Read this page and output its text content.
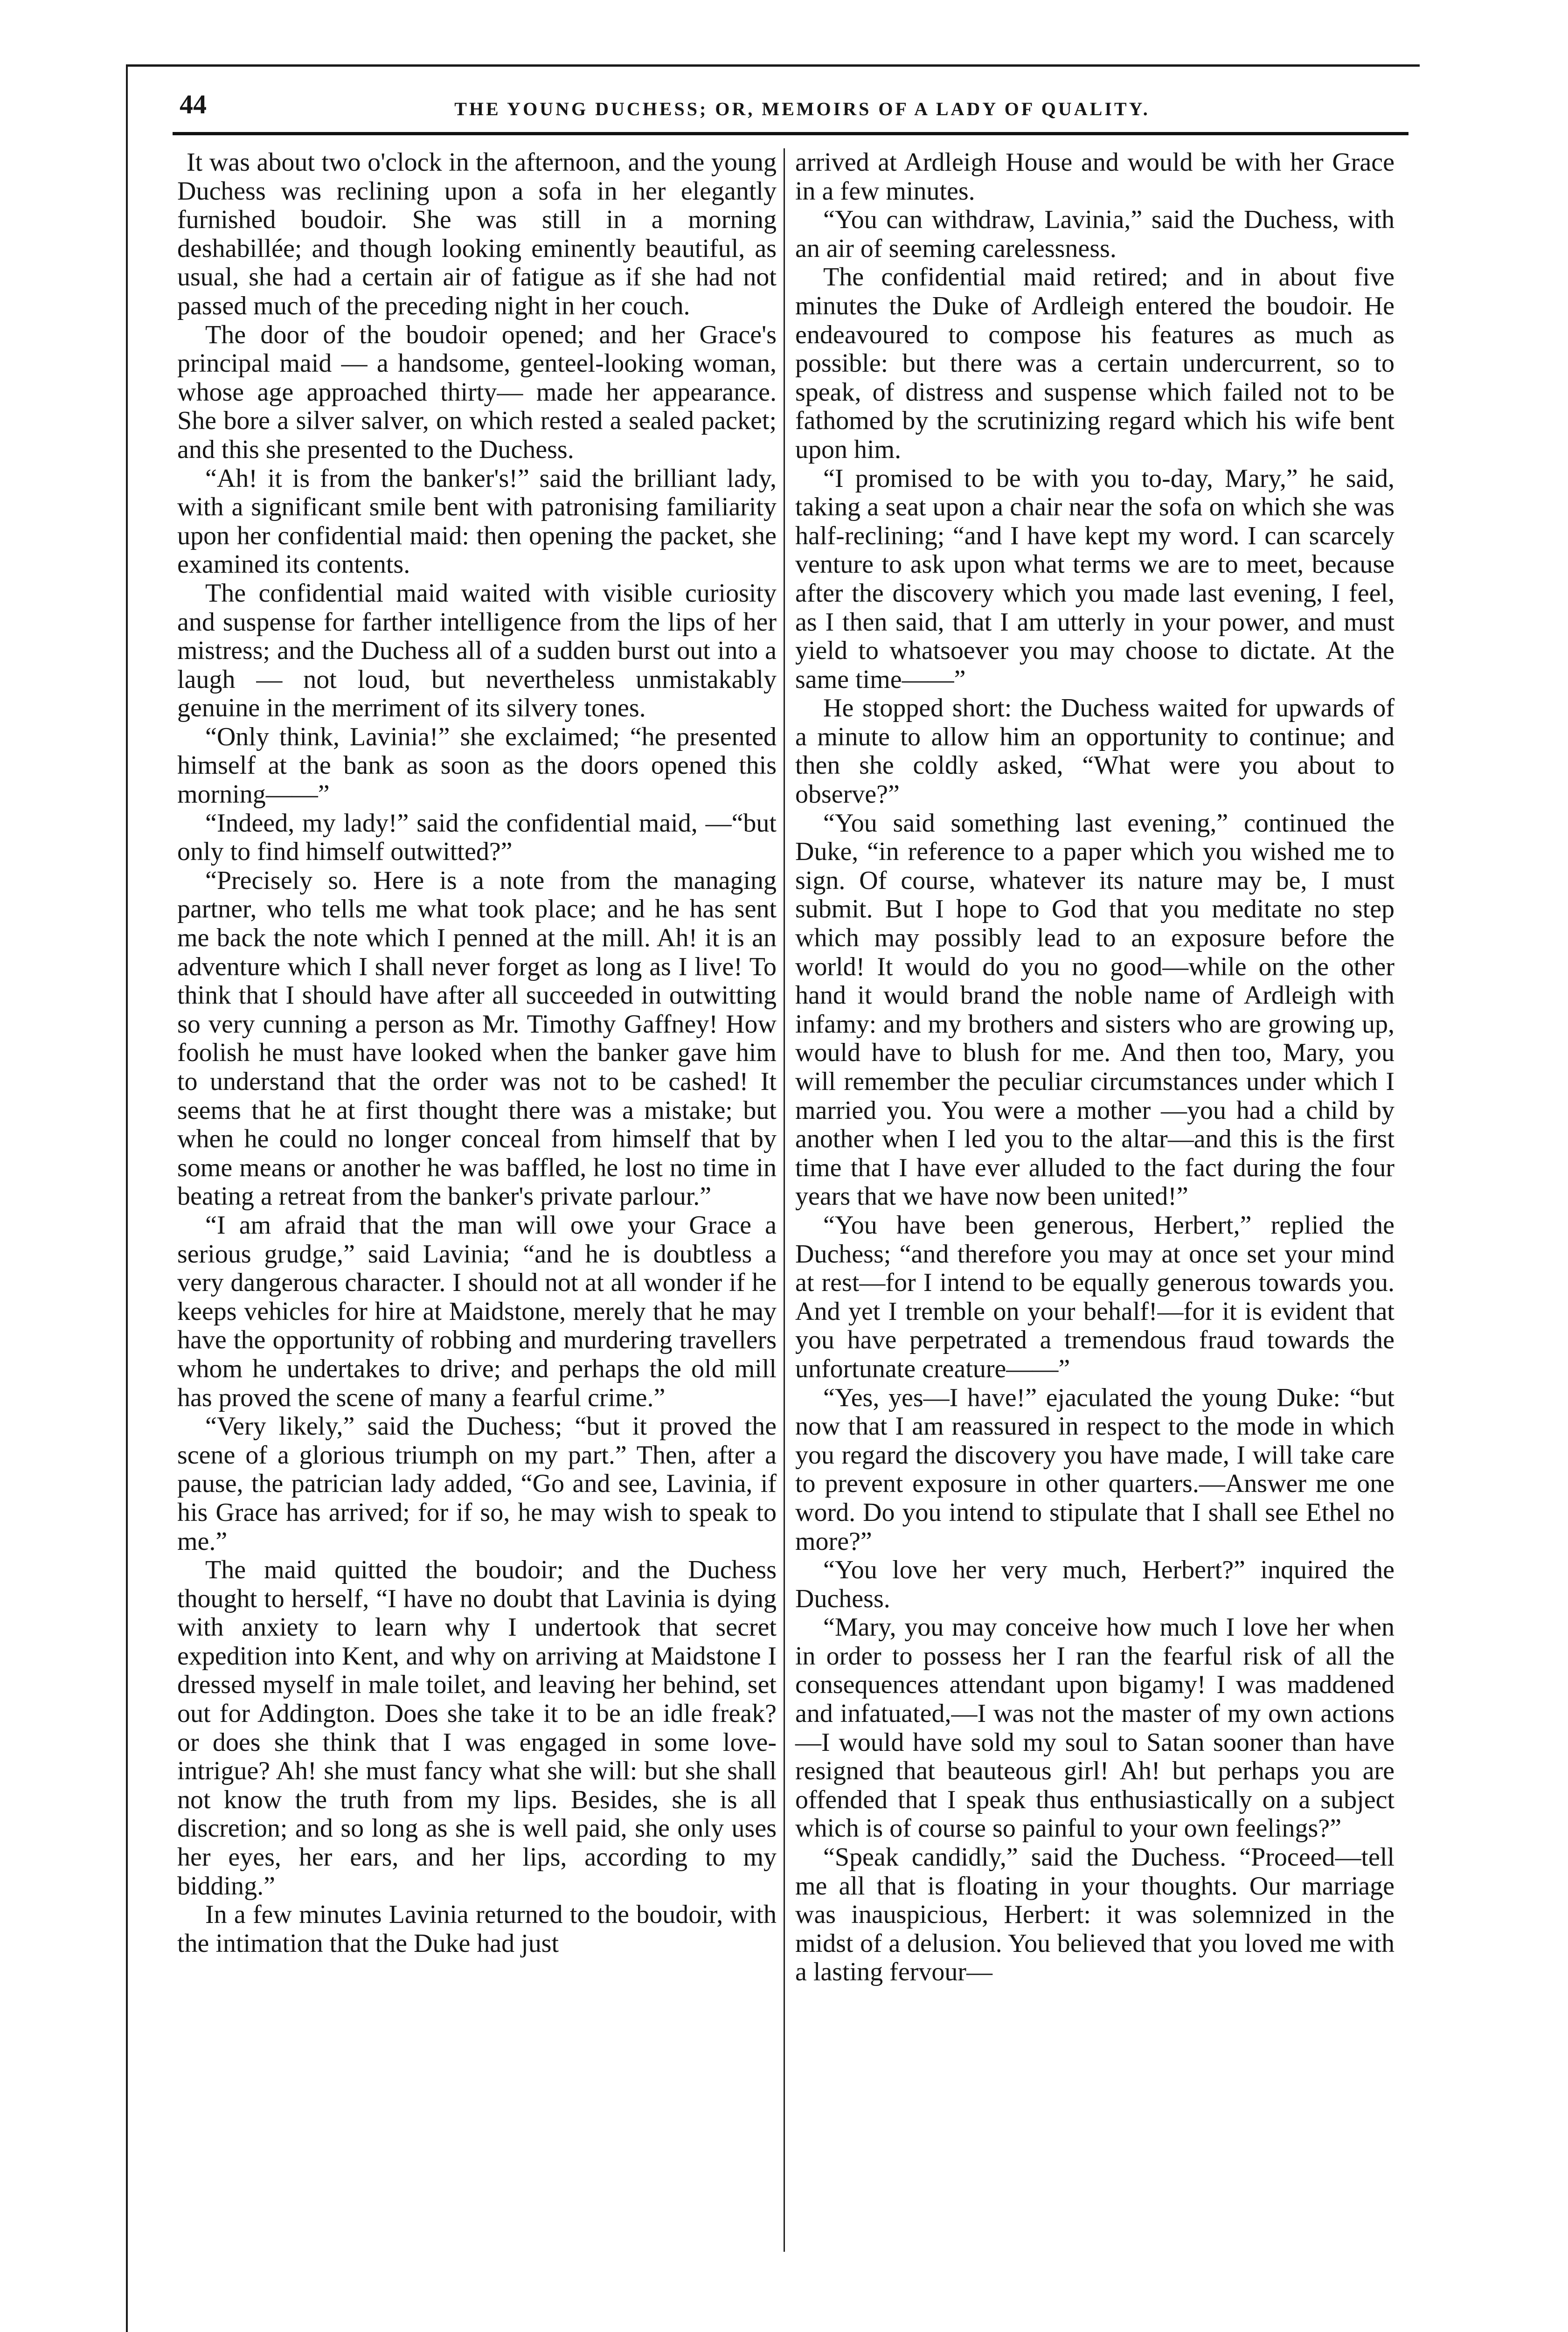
44	THE YOUNG DUCHESS; OR, MEMOIRS OF A LADY OF QUALITY.

It was about two o'clock in the afternoon, and the young Duchess was reclining upon a sofa in her elegantly furnished boudoir. She was still in a morning deshabillée; and though looking eminently beautiful, as usual, she had a certain air of fatigue as if she had not passed much of the preceding night in her couch.

The door of the boudoir opened; and her Grace's principal maid — a handsome, genteel-looking woman, whose age approached thirty— made her appearance. She bore a silver salver, on which rested a sealed packet; and this she presented to the Duchess.

“Ah! it is from the banker's!” said the brilliant lady, with a significant smile bent with patronising familiarity upon her confidential maid: then opening the packet, she examined its contents.

The confidential maid waited with visible curiosity and suspense for farther intelligence from the lips of her mistress; and the Duchess all of a sudden burst out into a laugh — not loud, but nevertheless unmistakably genuine in the merriment of its silvery tones.

“Only think, Lavinia!” she exclaimed; “he presented himself at the bank as soon as the doors opened this morning——”

“Indeed, my lady!” said the confidential maid, —“but only to find himself outwitted?”

“Precisely so. Here is a note from the managing partner, who tells me what took place; and he has sent me back the note which I penned at the mill. Ah! it is an adventure which I shall never forget as long as I live! To think that I should have after all succeeded in outwitting so very cunning a person as Mr. Timothy Gaffney! How foolish he must have looked when the banker gave him to understand that the order was not to be cashed! It seems that he at first thought there was a mistake; but when he could no longer conceal from himself that by some means or another he was baffled, he lost no time in beating a retreat from the banker's private parlour.”

“I am afraid that the man will owe your Grace a serious grudge,” said Lavinia; “and he is doubtless a very dangerous character. I should not at all wonder if he keeps vehicles for hire at Maidstone, merely that he may have the opportunity of robbing and murdering travellers whom he undertakes to drive; and perhaps the old mill has proved the scene of many a fearful crime.”

“Very likely,” said the Duchess; “but it proved the scene of a glorious triumph on my part.” Then, after a pause, the patrician lady added, “Go and see, Lavinia, if his Grace has arrived; for if so, he may wish to speak to me.”

The maid quitted the boudoir; and the Duchess thought to herself, “I have no doubt that Lavinia is dying with anxiety to learn why I undertook that secret expedition into Kent, and why on arriving at Maidstone I dressed myself in male toilet, and leaving her behind, set out for Addington. Does she take it to be an idle freak? or does she think that I was engaged in some love-intrigue? Ah! she must fancy what she will: but she shall not know the truth from my lips. Besides, she is all discretion; and so long as she is well paid, she only uses her eyes, her ears, and her lips, according to my bidding.”

In a few minutes Lavinia returned to the boudoir, with the intimation that the Duke had just

arrived at Ardleigh House and would be with her Grace in a few minutes.

“You can withdraw, Lavinia,” said the Duchess, with an air of seeming carelessness.

The confidential maid retired; and in about five minutes the Duke of Ardleigh entered the boudoir. He endeavoured to compose his features as much as possible: but there was a certain undercurrent, so to speak, of distress and suspense which failed not to be fathomed by the scrutinizing regard which his wife bent upon him.

“I promised to be with you to-day, Mary,” he said, taking a seat upon a chair near the sofa on which she was half-reclining; “and I have kept my word. I can scarcely venture to ask upon what terms we are to meet, because after the discovery which you made last evening, I feel, as I then said, that I am utterly in your power, and must yield to whatsoever you may choose to dictate. At the same time——”

He stopped short: the Duchess waited for upwards of a minute to allow him an opportunity to continue; and then she coldly asked, “What were you about to observe?”

“You said something last evening,” continued the Duke, “in reference to a paper which you wished me to sign. Of course, whatever its nature may be, I must submit. But I hope to God that you meditate no step which may possibly lead to an exposure before the world! It would do you no good—while on the other hand it would brand the noble name of Ardleigh with infamy: and my brothers and sisters who are growing up, would have to blush for me. And then too, Mary, you will remember the peculiar circumstances under which I married you. You were a mother —you had a child by another when I led you to the altar—and this is the first time that I have ever alluded to the fact during the four years that we have now been united!”

“You have been generous, Herbert,” replied the Duchess; “and therefore you may at once set your mind at rest—for I intend to be equally generous towards you. And yet I tremble on your behalf!—for it is evident that you have perpetrated a tremendous fraud towards the unfortunate creature——”

“Yes, yes—I have!” ejaculated the young Duke: “but now that I am reassured in respect to the mode in which you regard the discovery you have made, I will take care to prevent exposure in other quarters.—Answer me one word. Do you intend to stipulate that I shall see Ethel no more?”

“You love her very much, Herbert?” inquired the Duchess.

“Mary, you may conceive how much I love her when in order to possess her I ran the fearful risk of all the consequences attendant upon bigamy! I was maddened and infatuated,—I was not the master of my own actions—I would have sold my soul to Satan sooner than have resigned that beauteous girl! Ah! but perhaps you are offended that I speak thus enthusiastically on a subject which is of course so painful to your own feelings?”

“Speak candidly,” said the Duchess. “Proceed—tell me all that is floating in your thoughts. Our marriage was inauspicious, Herbert: it was solemnized in the midst of a delusion. You believed that you loved me with a lasting fervour—
